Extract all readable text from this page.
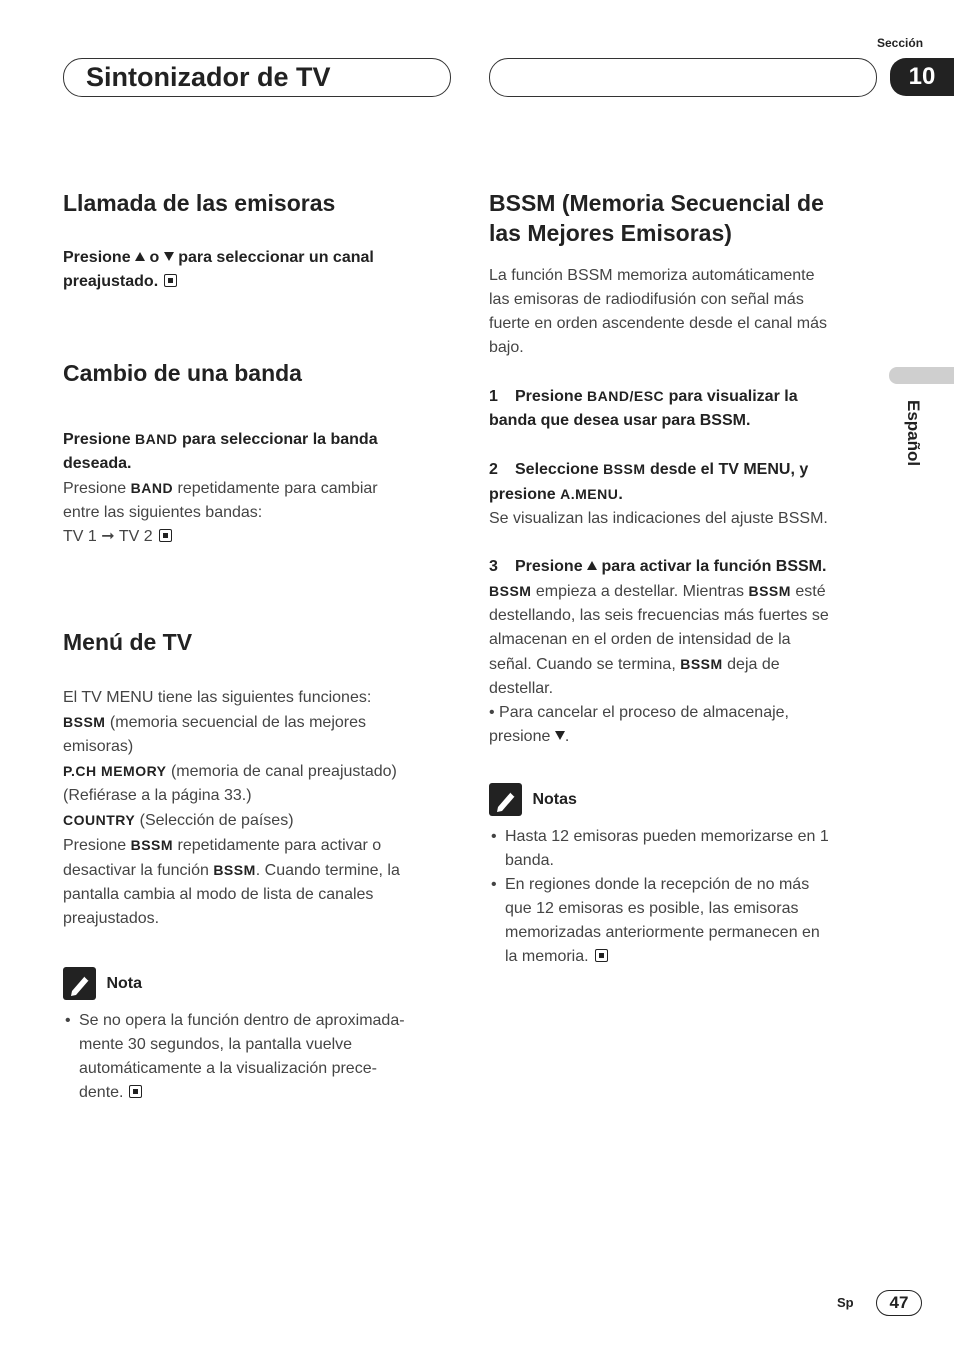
Sintonizador de TV
Sección
10
Español
Llamada de las emisoras
Presione o para seleccionar un canal
preajustado.
Cambio de una banda
Presione BAND para seleccionar la banda
deseada.
Presione BAND repetidamente para cambiar
entre las siguientes bandas:
TV 1 ➞ TV 2
Menú de TV
El TV MENU tiene las siguientes funciones:
BSSM (memoria secuencial de las mejores
emisoras)
P.CH MEMORY (memoria de canal preajustado)
(Refiérase a la página 33.)
COUNTRY (Selección de países)
Presione BSSM repetidamente para activar o
desactivar la función BSSM. Cuando termine, la
pantalla cambia al modo de lista de canales
preajustados.
Nota
• Se no opera la función dentro de aproximada-
mente 30 segundos, la pantalla vuelve
automáticamente a la visualización prece-
dente.
BSSM (Memoria Secuencial de
las Mejores Emisoras)
La función BSSM memoriza automáticamente
las emisoras de radiodifusión con señal más
fuerte en orden ascendente desde el canal más
bajo.
1 Presione BAND/ESC para visualizar la
banda que desea usar para BSSM.
2 Seleccione BSSM desde el TV MENU, y
presione A.MENU.
Se visualizan las indicaciones del ajuste BSSM.
3 Presione para activar la función BSSM.
BSSM empieza a destellar. Mientras BSSM esté
destellando, las seis frecuencias más fuertes se
almacenan en el orden de intensidad de la
señal. Cuando se termina, BSSM deja de
destellar.
• Para cancelar el proceso de almacenaje,
presione .
Notas
• Hasta 12 emisoras pueden memorizarse en 1
banda.
• En regiones donde la recepción de no más
que 12 emisoras es posible, las emisoras
memorizadas anteriormente permanecen en
la memoria.
Sp	47
